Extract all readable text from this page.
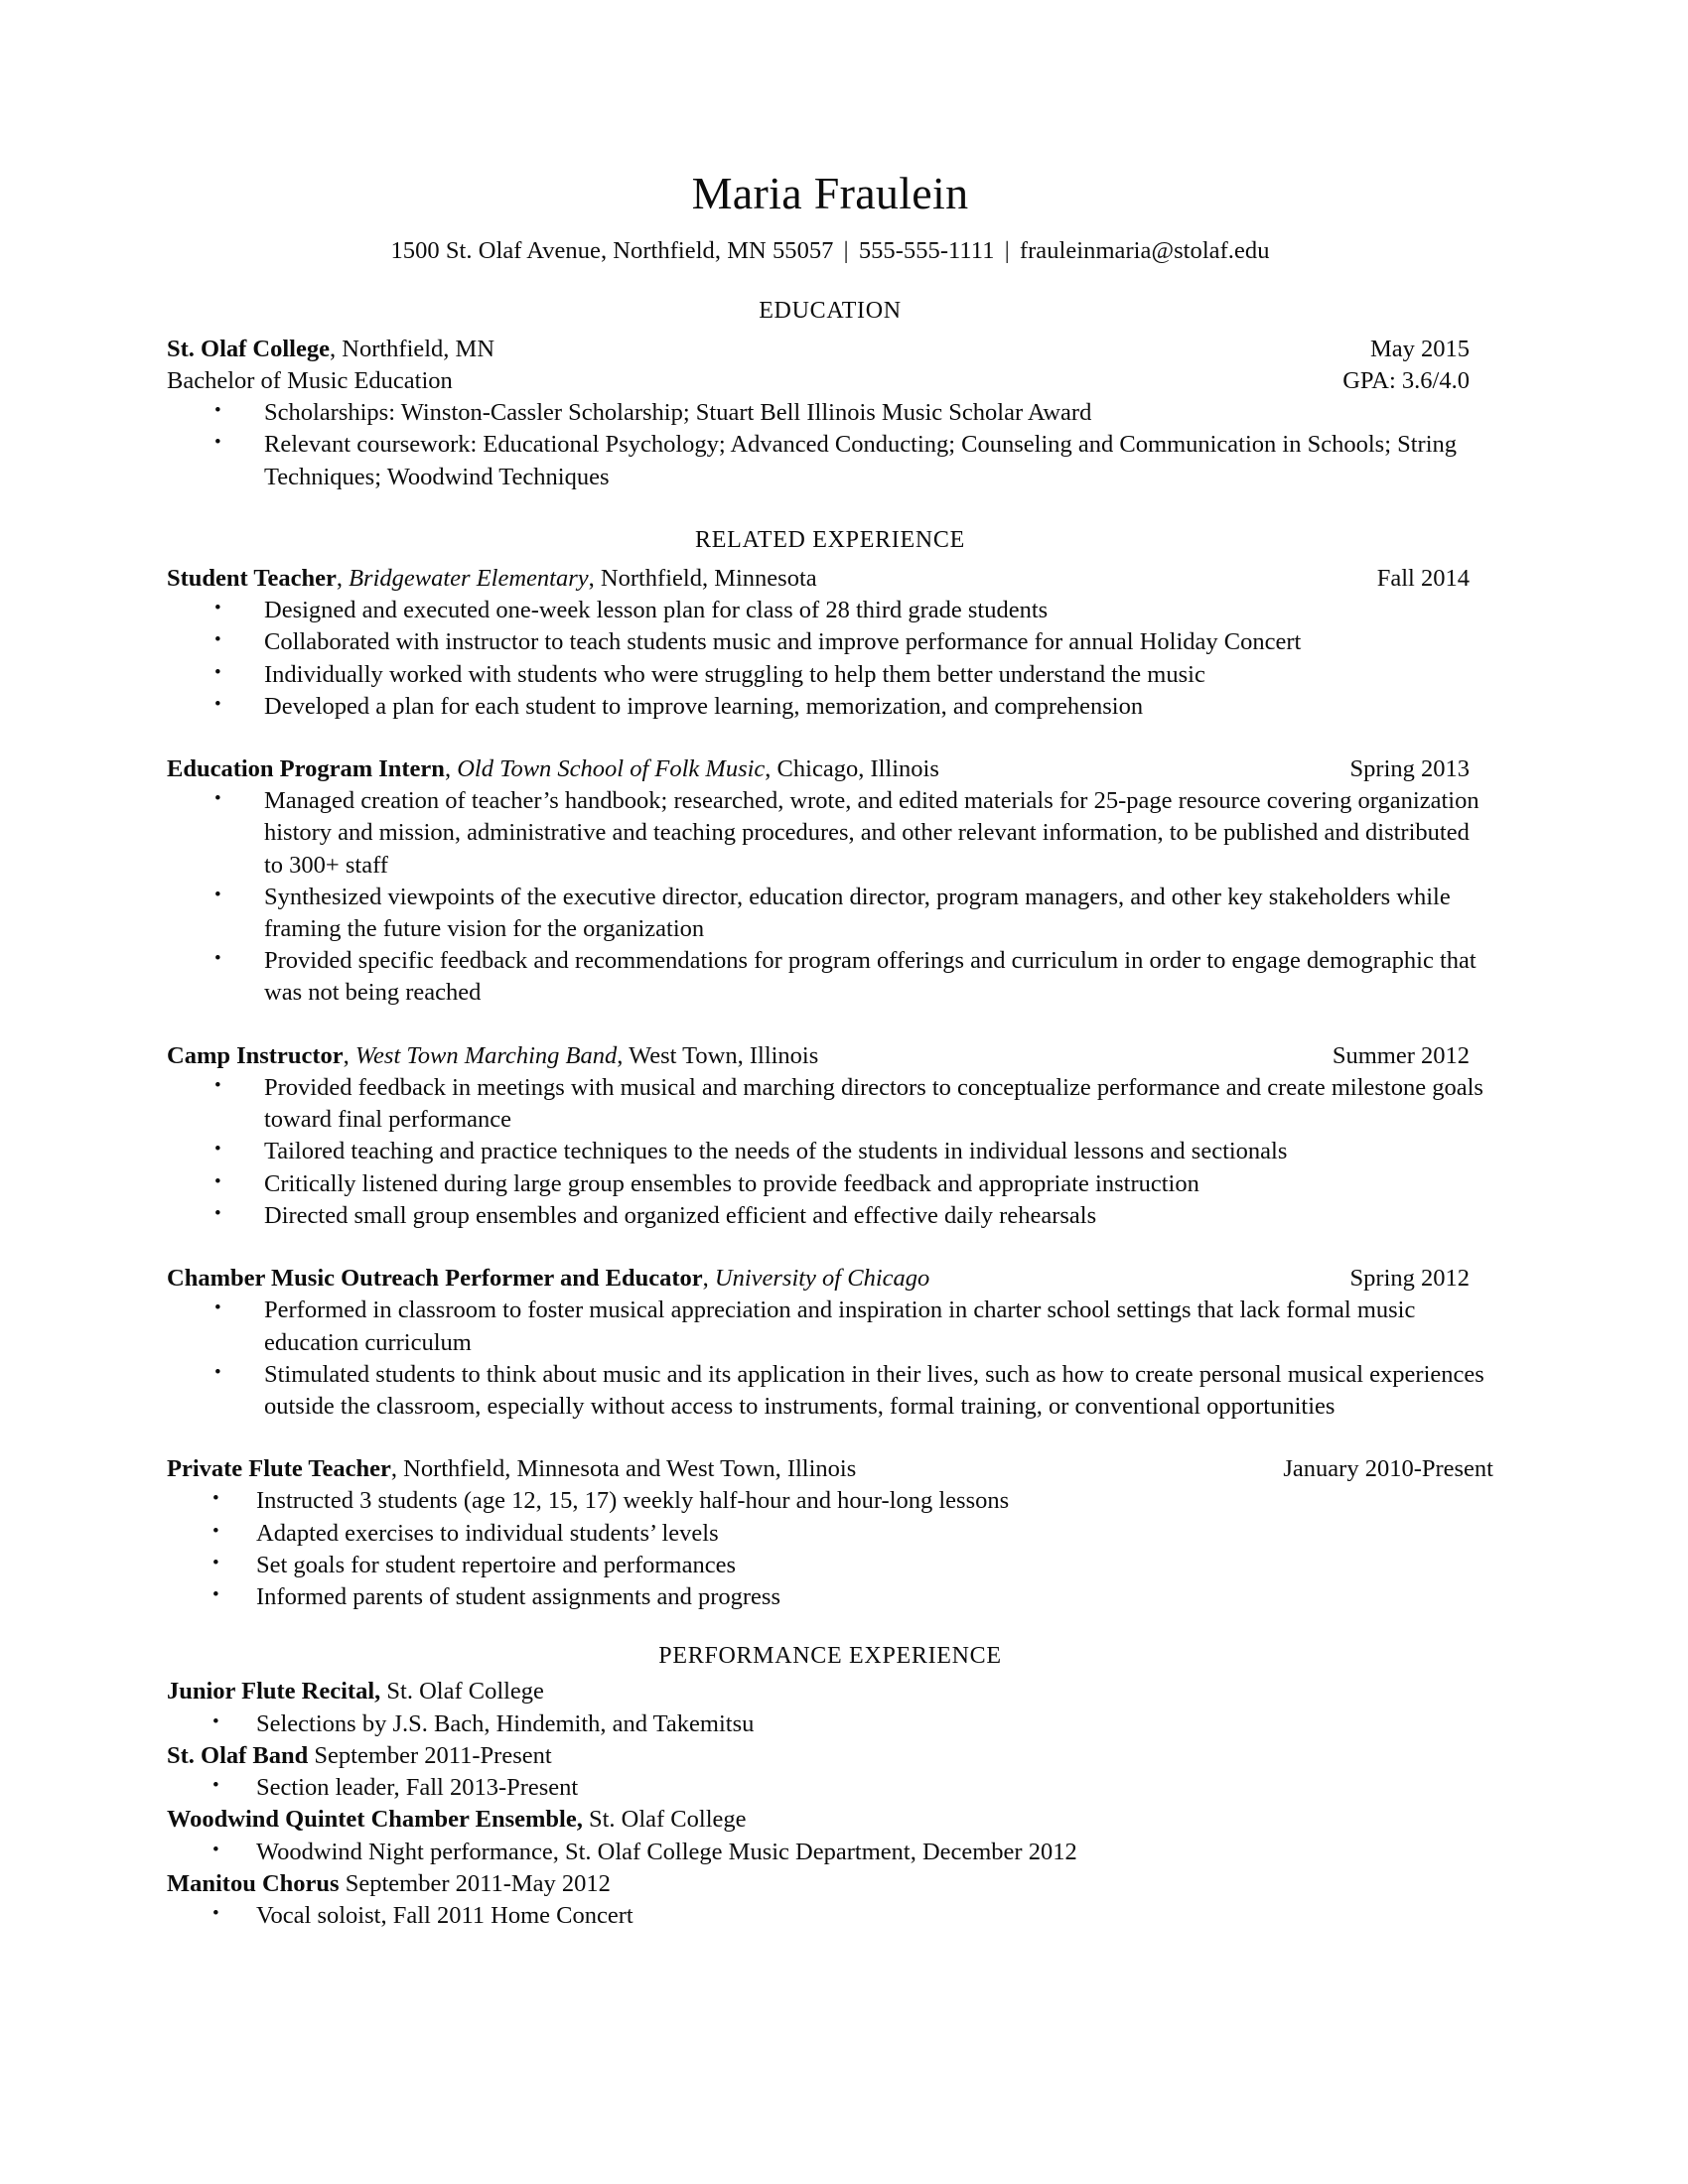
Maria Fraulein
1500 St. Olaf Avenue, Northfield, MN 55057 | 555-555-1111 | frauleinmaria@stolaf.edu
EDUCATION
St. Olaf College, Northfield, MN	May 2015
Bachelor of Music Education	GPA: 3.6/4.0
• Scholarships: Winston-Cassler Scholarship; Stuart Bell Illinois Music Scholar Award
• Relevant coursework: Educational Psychology; Advanced Conducting; Counseling and Communication in Schools; String Techniques; Woodwind Techniques
RELATED EXPERIENCE
Student Teacher, Bridgewater Elementary, Northfield, Minnesota	Fall 2014
• Designed and executed one-week lesson plan for class of 28 third grade students
• Collaborated with instructor to teach students music and improve performance for annual Holiday Concert
• Individually worked with students who were struggling to help them better understand the music
• Developed a plan for each student to improve learning, memorization, and comprehension
Education Program Intern, Old Town School of Folk Music, Chicago, Illinois	Spring 2013
• Managed creation of teacher’s handbook; researched, wrote, and edited materials for 25-page resource covering organization history and mission, administrative and teaching procedures, and other relevant information, to be published and distributed to 300+ staff
• Synthesized viewpoints of the executive director, education director, program managers, and other key stakeholders while framing the future vision for the organization
• Provided specific feedback and recommendations for program offerings and curriculum in order to engage demographic that was not being reached
Camp Instructor, West Town Marching Band, West Town, Illinois	Summer 2012
• Provided feedback in meetings with musical and marching directors to conceptualize performance and create milestone goals toward final performance
• Tailored teaching and practice techniques to the needs of the students in individual lessons and sectionals
• Critically listened during large group ensembles to provide feedback and appropriate instruction
• Directed small group ensembles and organized efficient and effective daily rehearsals
Chamber Music Outreach Performer and Educator, University of Chicago	Spring 2012
• Performed in classroom to foster musical appreciation and inspiration in charter school settings that lack formal music education curriculum
• Stimulated students to think about music and its application in their lives, such as how to create personal musical experiences outside the classroom, especially without access to instruments, formal training, or conventional opportunities
Private Flute Teacher, Northfield, Minnesota and West Town, Illinois	January 2010-Present
• Instructed 3 students (age 12, 15, 17) weekly half-hour and hour-long lessons
• Adapted exercises to individual students’ levels
• Set goals for student repertoire and performances
• Informed parents of student assignments and progress
PERFORMANCE EXPERIENCE
Junior Flute Recital, St. Olaf College
• Selections by J.S. Bach, Hindemith, and Takemitsu
St. Olaf Band September 2011-Present
• Section leader, Fall 2013-Present
Woodwind Quintet Chamber Ensemble, St. Olaf College
• Woodwind Night performance, St. Olaf College Music Department, December 2012
Manitou Chorus September 2011-May 2012
• Vocal soloist, Fall 2011 Home Concert
